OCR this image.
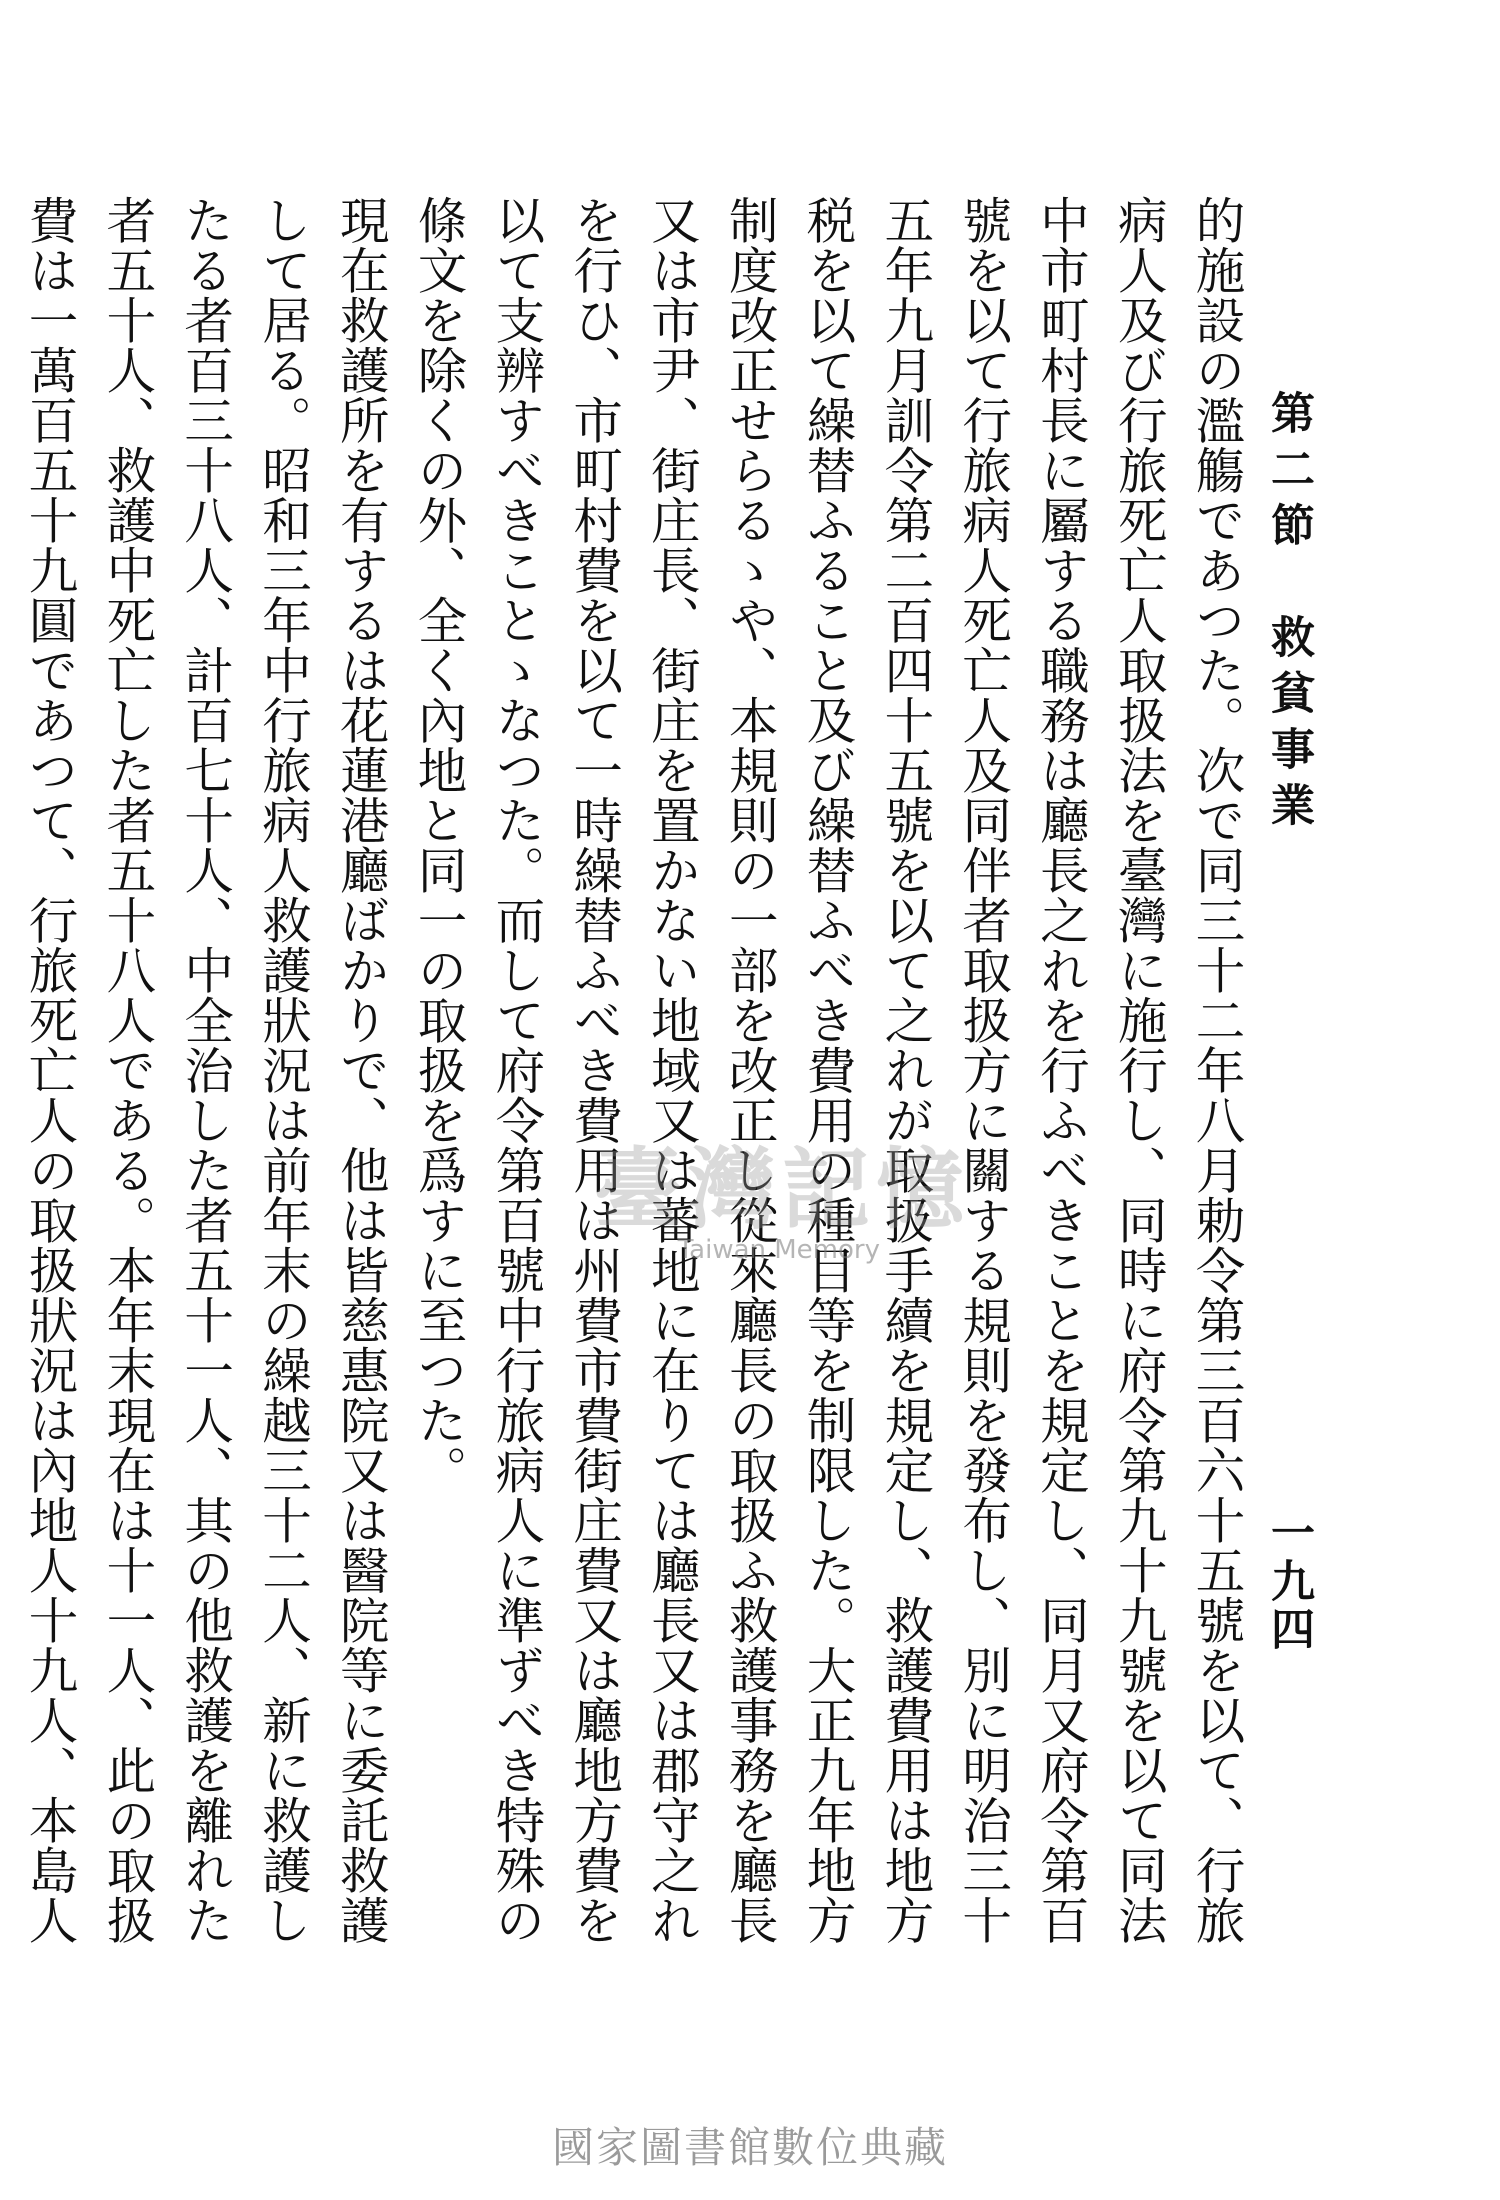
第二節　救貧事業
一九四

的施設の濫觴であつた。次で同三十二年八月勅令第三百六十五號を以て、行旅病人及び行旅死亡人取扱法を臺灣に施行し、同時に府令第九十九號を以て同法中市町村長に屬する職務は廳長之れを行ふべきことを規定し、同月又府令第百號を以て行旅病人死亡人及同伴者取扱方に關する規則を發布し、別に明治三十五年九月訓令第二百四十五號を以て之れが取扱手續を規定し、救護費用は地方税を以て繰替ふること及び繰替ふべき費用の種目等を制限した。大正九年地方制度改正せらるゝや、本規則の一部を改正し從來廳長の取扱ふ救護事務を廳長又は市尹、街庄長、街庄を置かない地域又は蕃地に在りては廳長又は郡守之れを行ひ、市町村費を以て一時繰替ふべき費用は州費市費街庄費又は廳地方費を以て支辨すべきことゝなつた。而して府令第百號中行旅病人に準ずべき特殊の條文を除くの外、全く內地と同一の取扱を爲すに至つた。

現在救護所を有するは花蓮港廳ばかりで、他は皆慈惠院又は醫院等に委託救護して居る。昭和三年中行旅病人救護狀況は前年末の繰越三十二人、新に救護したる者百三十八人、計百七十人、中全治した者五十一人、其の他救護を離れた者五十人、救護中死亡した者五十八人である。本年末現在は十一人、此の取扱費は一萬百五十九圓であつて、行旅死亡人の取扱狀況は內地人十九人、本島人

臺灣記憶
Taiwan Memory
國家圖書館數位典藏
